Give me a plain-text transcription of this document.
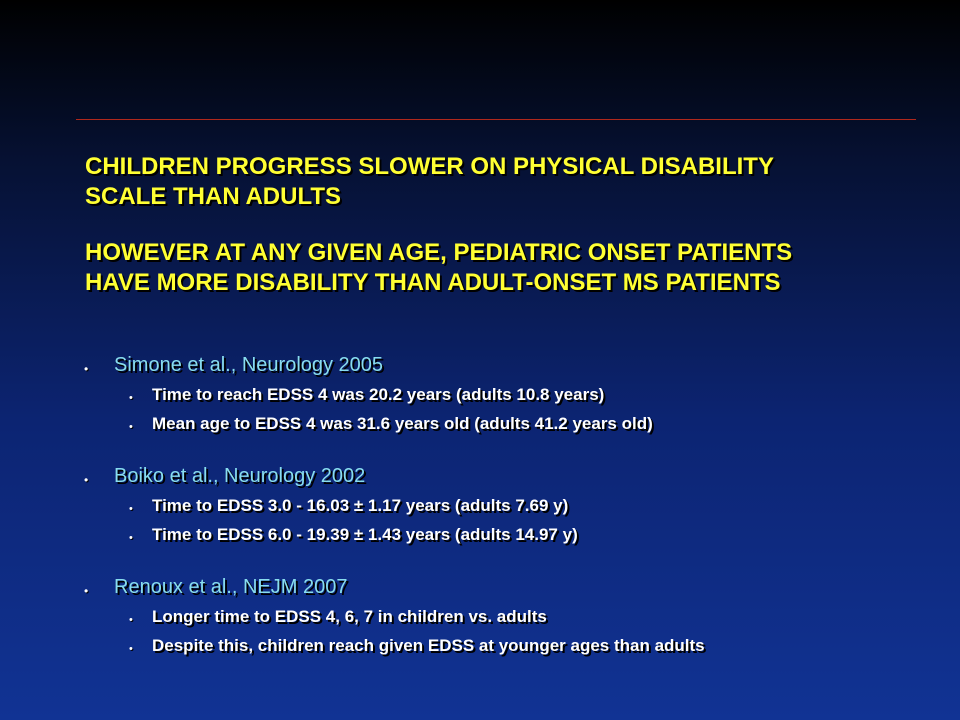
CHILDREN PROGRESS SLOWER ON PHYSICAL DISABILITY
SCALE THAN ADULTS
HOWEVER AT ANY GIVEN AGE, PEDIATRIC ONSET PATIENTS
HAVE MORE DISABILITY THAN ADULT-ONSET MS PATIENTS
• Simone et al., Neurology 2005
• Time to reach EDSS 4 was 20.2 years (adults 10.8 years)
• Mean age to EDSS 4 was 31.6 years old (adults 41.2 years old)
• Boiko et al., Neurology 2002
• Time to EDSS 3.0 - 16.03 ± 1.17 years (adults 7.69 y)
• Time to EDSS 6.0 - 19.39 ± 1.43 years (adults 14.97 y)
• Renoux et al., NEJM 2007
• Longer time to EDSS 4, 6, 7 in children vs. adults
• Despite this, children reach given EDSS at younger ages than adults
